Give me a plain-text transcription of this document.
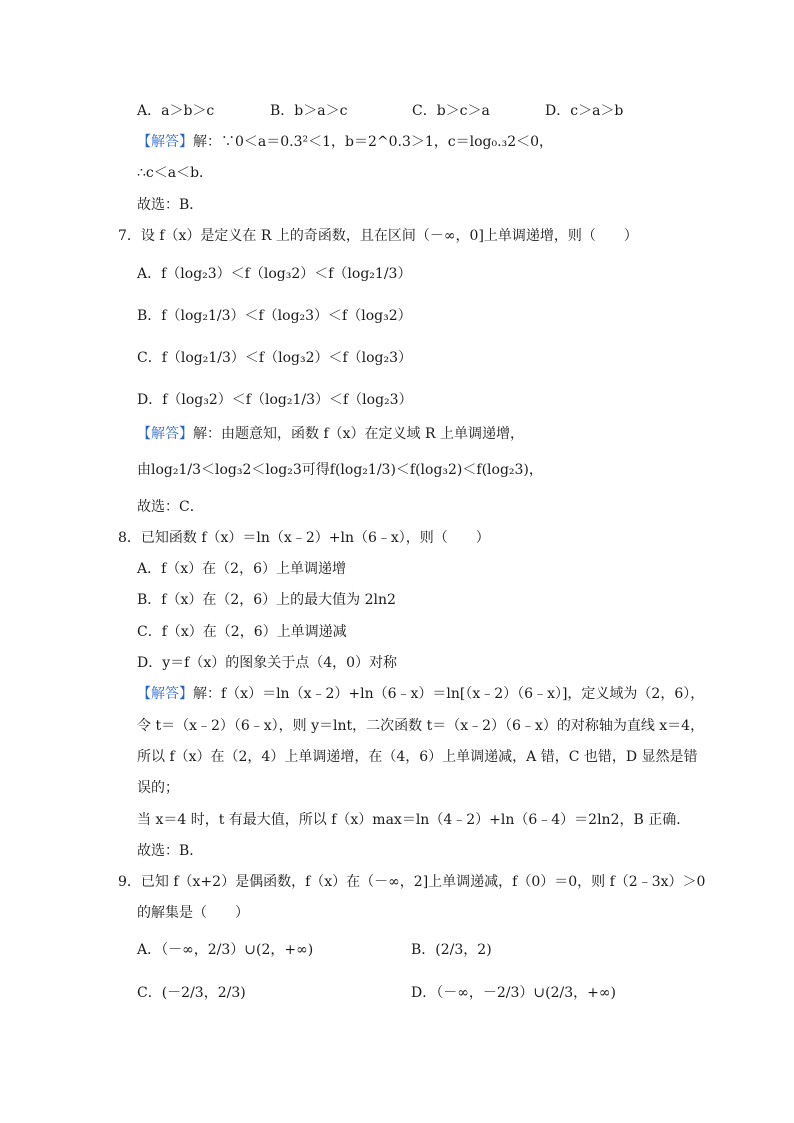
A．a＞b＞c	B．b＞a＞c	C．b＞c＞a	D．c＞a＞b
【解答】解：∵0＜a＝0.3²＜1，b＝2^0.3＞1，c＝log₀.₃2＜0，
∴c＜a＜b．
故选：B．
7．设 f（x）是定义在 R 上的奇函数，且在区间（－∞，0]上单调递增，则（　　）
A．f（log₂3）＜f（log₃2）＜f（log₂1/3）
B．f（log₂1/3）＜f（log₂3）＜f（log₃2）
C．f（log₂1/3）＜f（log₃2）＜f（log₂3）
D．f（log₃2）＜f（log₂1/3）＜f（log₂3）
【解答】解：由题意知，函数 f（x）在定义域 R 上单调递增，
由log₂1/3＜log₃2＜log₂3可得f(log₂1/3)＜f(log₃2)＜f(log₂3)，
故选：C．
8．已知函数 f（x）＝ln（x﹣2）+ln（6﹣x），则（　　）
A．f（x）在（2，6）上单调递增
B．f（x）在（2，6）上的最大值为 2ln2
C．f（x）在（2，6）上单调递减
D．y＝f（x）的图象关于点（4，0）对称
【解答】解：f（x）＝ln（x﹣2）+ln（6﹣x）＝ln[（x﹣2）（6﹣x）]，定义域为（2，6），
令 t＝（x﹣2）（6﹣x），则 y＝lnt，二次函数 t＝（x﹣2）（6﹣x）的对称轴为直线 x＝4，
所以 f（x）在（2，4）上单调递增，在（4，6）上单调递减，A 错，C 也错，D 显然是错
误的；
当 x＝4 时，t 有最大值，所以 f（x）max＝ln（4﹣2）+ln（6﹣4）＝2ln2，B 正确．
故选：B．
9．已知 f（x+2）是偶函数，f（x）在（－∞，2]上单调递减，f（0）＝0，则 f（2﹣3x）＞0
的解集是（　　）
A．（－∞，2/3）∪(2，+∞)	B．(2/3，2)
C．(－2/3，2/3)	D．（－∞，－2/3）∪(2/3，+∞)
